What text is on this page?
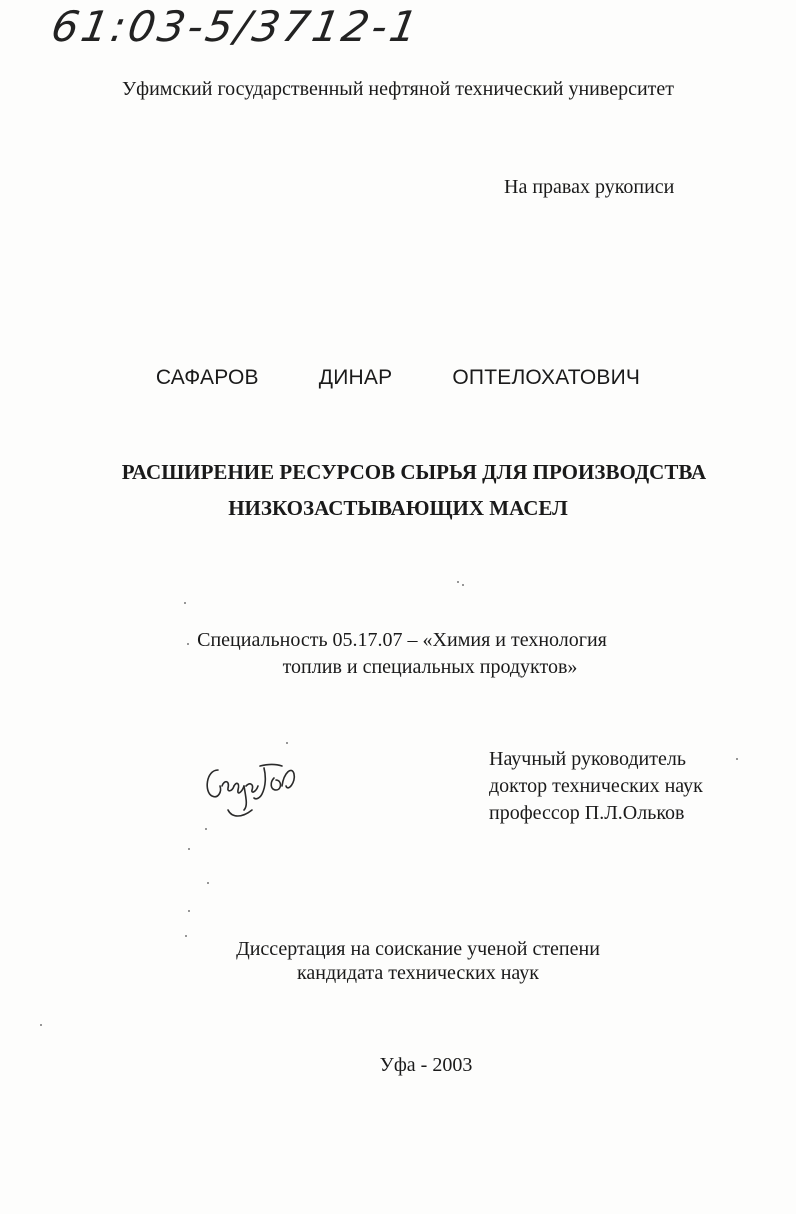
61:03-5/3712-1
Уфимский государственный нефтяной технический университет
На правах рукописи
САФАРОВ   ДИНАР   ОПТЕЛОХАТОВИЧ
РАСШИРЕНИЕ РЕСУРСОВ СЫРЬЯ ДЛЯ ПРОИЗВОДСТВА
НИЗКОЗАСТЫВАЮЩИХ МАСЕЛ
Специальность 05.17.07 – «Химия и технология
топлив и специальных продуктов»
Научный руководитель
доктор технических наук
профессор П.Л.Ольков
Диссертация на соискание ученой степени
кандидата технических наук
Уфа - 2003
